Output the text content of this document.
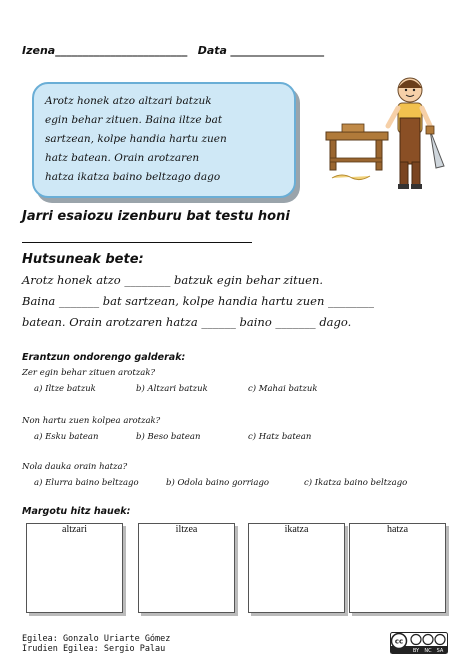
Izena________________________ Data _________________
Arotz honek atzo altzari batzuk
egin behar zituen. Baina iltze bat
sartzean, kolpe handia hartu zuen
hatz batean. Orain arotzaren
hatza ikatza baino beltzago dago
Jarri esaiozu izenburu bat testu honi
Hutsuneak bete:
Arotz honek atzo ________ batzuk egin behar zituen.
Baina _______ bat sartzean, kolpe handia hartu zuen ________
batean. Orain arotzaren hatza ______ baino _______ dago.
Erantzun ondorengo galderak:
Zer egin behar zituen arotzak?
a) Iltze batzuk	b) Altzari batzuk	c) Mahai batzuk
Non hartu zuen kolpea arotzak?
a) Esku batean	b) Beso batean	c) Hatz batean
Nola dauka orain hatza?
a) Elurra baino beltzago	b) Odola baino gorriago	c) Ikatza baino beltzago
Margotu hitz hauek:
altzari	iltzea	ikatza	hatza
Egilea: Gonzalo Uriarte Gómez
Irudien Egilea: Sergio Palau
cc
BY NC SA
